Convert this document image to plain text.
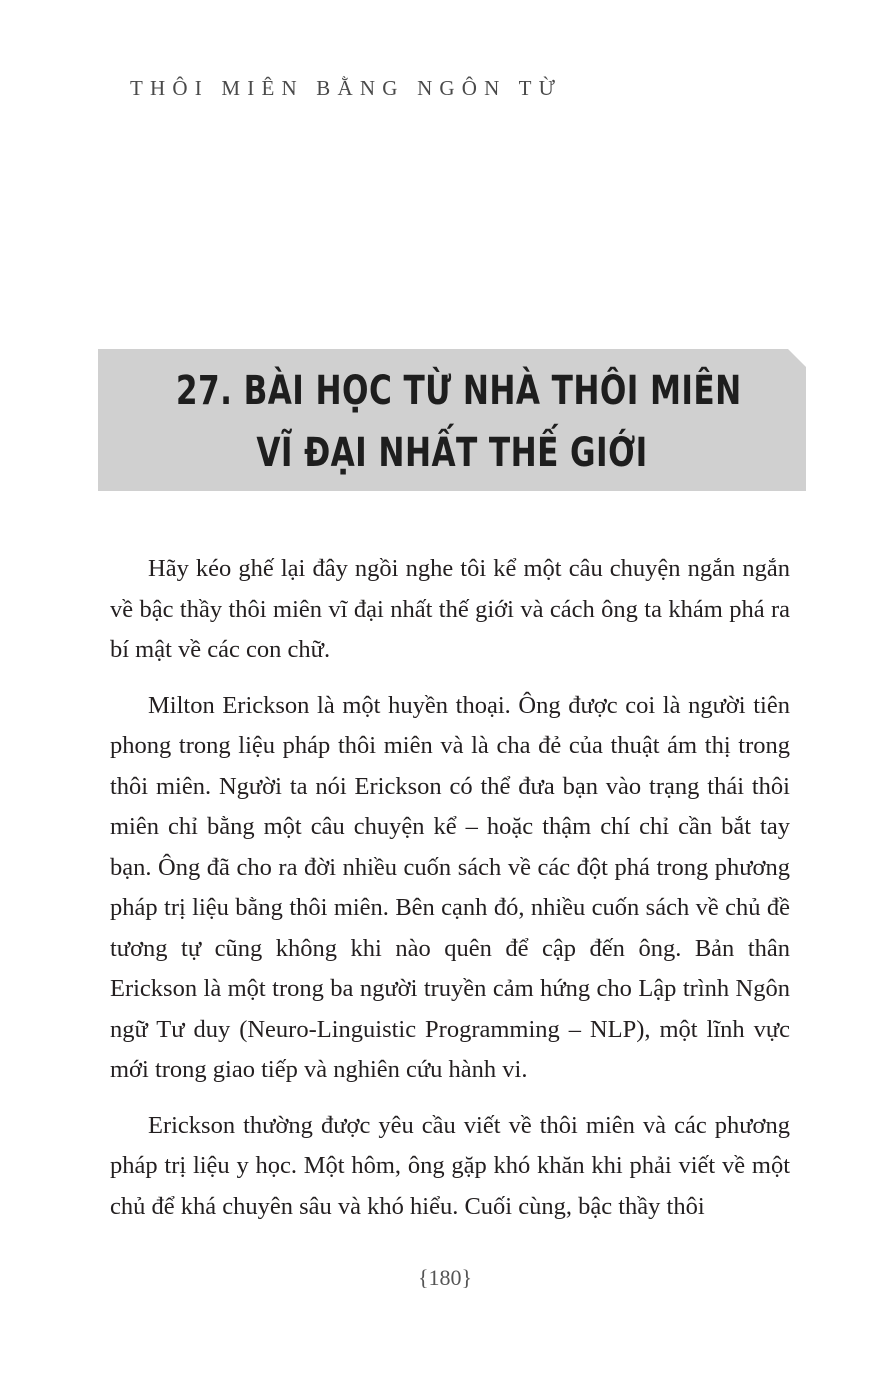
THÔI MIÊN BẰNG NGÔN TỪ
27. BÀI HỌC TỪ NHÀ THÔI MIÊN
VĨ ĐẠI NHẤT THẾ GIỚI

Hãy kéo ghế lại đây ngồi nghe tôi kể một câu chuyện ngắn ngắn về bậc thầy thôi miên vĩ đại nhất thế giới và cách ông ta khám phá ra bí mật về các con chữ.

Milton Erickson là một huyền thoại. Ông được coi là người tiên phong trong liệu pháp thôi miên và là cha đẻ của thuật ám thị trong thôi miên. Người ta nói Erickson có thể đưa bạn vào trạng thái thôi miên chỉ bằng một câu chuyện kể – hoặc thậm chí chỉ cần bắt tay bạn. Ông đã cho ra đời nhiều cuốn sách về các đột phá trong phương pháp trị liệu bằng thôi miên. Bên cạnh đó, nhiều cuốn sách về chủ đề tương tự cũng không khi nào quên để cập đến ông. Bản thân Erickson là một trong ba người truyền cảm hứng cho Lập trình Ngôn ngữ Tư duy (Neuro-Linguistic Programming – NLP), một lĩnh vực mới trong giao tiếp và nghiên cứu hành vi.

Erickson thường được yêu cầu viết về thôi miên và các phương pháp trị liệu y học. Một hôm, ông gặp khó khăn khi phải viết về một chủ để khá chuyên sâu và khó hiểu. Cuối cùng, bậc thầy thôi

{180}
